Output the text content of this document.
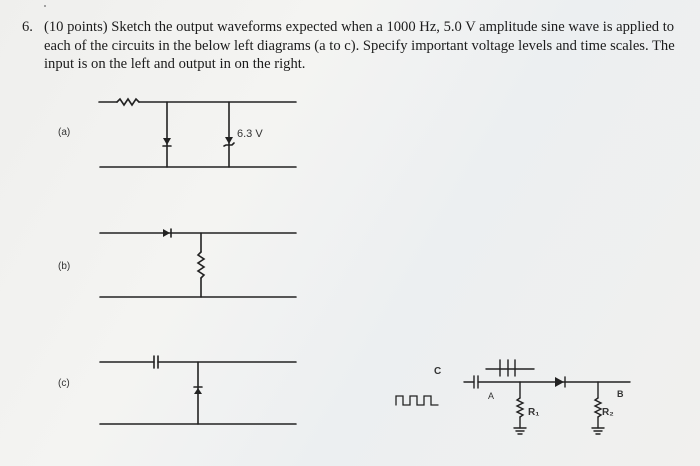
6. (10 points) Sketch the output waveforms expected when a 1000 Hz, 5.0 V amplitude sine wave is applied to each of the circuits in the below left diagrams (a to c). Specify important voltage levels and time scales. The input is on the left and output in on the right.

(a)	6.3 V
(b)
(c)
C
A	B
R₁	R₂
